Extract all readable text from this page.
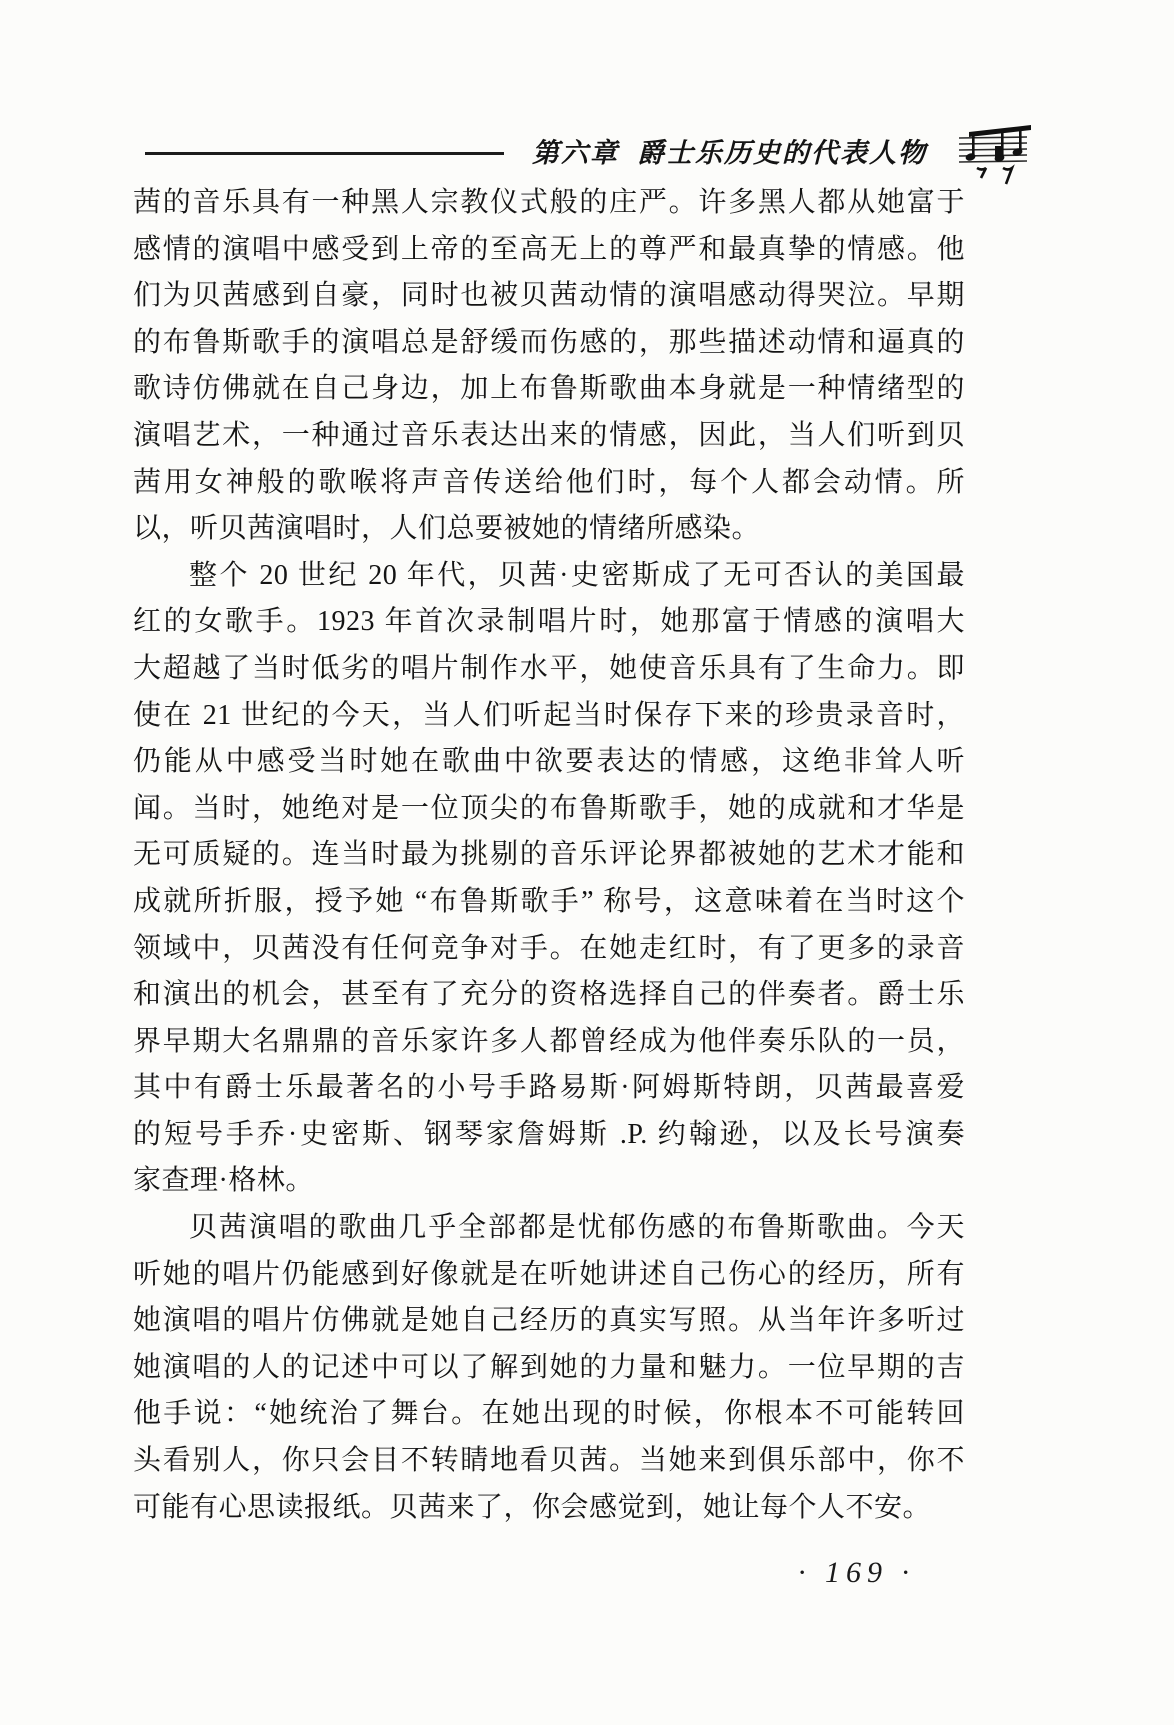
第六章 爵士乐历史的代表人物
茜的音乐具有一种黑人宗教仪式般的庄严。许多黑人都从她富于
感情的演唱中感受到上帝的至高无上的尊严和最真挚的情感。他
们为贝茜感到自豪，同时也被贝茜动情的演唱感动得哭泣。早期
的布鲁斯歌手的演唱总是舒缓而伤感的，那些描述动情和逼真的
歌诗仿佛就在自己身边，加上布鲁斯歌曲本身就是一种情绪型的
演唱艺术，一种通过音乐表达出来的情感，因此，当人们听到贝
茜用女神般的歌喉将声音传送给他们时，每个人都会动情。所
以，听贝茜演唱时，人们总要被她的情绪所感染。
整个 20 世纪 20 年代，贝茜·史密斯成了无可否认的美国最
红的女歌手。1923 年首次录制唱片时，她那富于情感的演唱大
大超越了当时低劣的唱片制作水平，她使音乐具有了生命力。即
使在 21 世纪的今天，当人们听起当时保存下来的珍贵录音时，
仍能从中感受当时她在歌曲中欲要表达的情感，这绝非耸人听
闻。当时，她绝对是一位顶尖的布鲁斯歌手，她的成就和才华是
无可质疑的。连当时最为挑剔的音乐评论界都被她的艺术才能和
成就所折服，授予她 “布鲁斯歌手” 称号，这意味着在当时这个
领域中，贝茜没有任何竞争对手。在她走红时，有了更多的录音
和演出的机会，甚至有了充分的资格选择自己的伴奏者。爵士乐
界早期大名鼎鼎的音乐家许多人都曾经成为他伴奏乐队的一员，
其中有爵士乐最著名的小号手路易斯·阿姆斯特朗，贝茜最喜爱
的短号手乔·史密斯、钢琴家詹姆斯 .P. 约翰逊，以及长号演奏
家查理·格林。
贝茜演唱的歌曲几乎全部都是忧郁伤感的布鲁斯歌曲。今天
听她的唱片仍能感到好像就是在听她讲述自己伤心的经历，所有
她演唱的唱片仿佛就是她自己经历的真实写照。从当年许多听过
她演唱的人的记述中可以了解到她的力量和魅力。一位早期的吉
他手说：“她统治了舞台。在她出现的时候，你根本不可能转回
头看别人，你只会目不转睛地看贝茜。当她来到俱乐部中，你不
可能有心思读报纸。贝茜来了，你会感觉到，她让每个人不安。
· 169 ·
